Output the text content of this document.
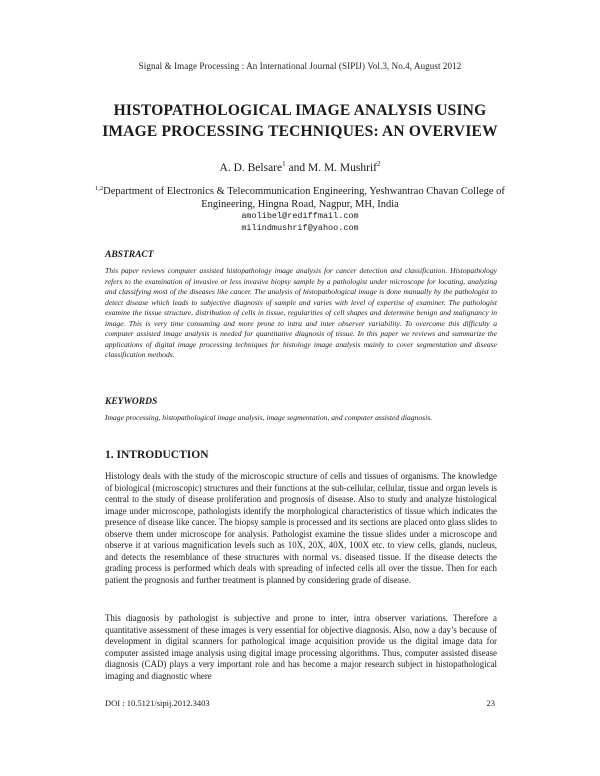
Signal & Image Processing : An International Journal (SIPIJ) Vol.3, No.4, August 2012
HISTOPATHOLOGICAL IMAGE ANALYSIS USING IMAGE PROCESSING TECHNIQUES: AN OVERVIEW
A. D. Belsare$^1$ and M. M. Mushrif$^2$
$^{1,2}$Department of Electronics & Telecommunication Engineering, Yeshwantrao Chavan College of Engineering, Hingna Road, Nagpur, MH, India
amolibel@rediffmail.com
milindmushrif@yahoo.com
ABSTRACT
This paper reviews computer assisted histopathology image analysis for cancer detection and classification. Histopathology refers to the examination of invasive or less invasive biopsy sample by a pathologist under microscope for locating, analyzing and classifying most of the diseases like cancer. The analysis of histopathological image is done manually by the pathologist to detect disease which leads to subjective diagnosis of sample and varies with level of expertise of examiner. The pathologist examine the tissue structure, distribution of cells in tissue, regularities of cell shapes and determine benign and malignancy in image. This is very time consuming and more prone to intra and inter observer variability. To overcome this difficulty a computer assisted image analysis is needed for quantitative diagnosis of tissue. In this paper we reviews and summarize the applications of digital image processing techniques for histology image analysis mainly to cover segmentation and disease classification methods.
KEYWORDS
Image processing, histopathological image analysis, image segmentation, and computer assisted diagnosis.
1. INTRODUCTION
Histology deals with the study of the microscopic structure of cells and tissues of organisms. The knowledge of biological (microscopic) structures and their functions at the sub-cellular, cellular, tissue and organ levels is central to the study of disease proliferation and prognosis of disease. Also to study and analyze histological image under microscope, pathologists identify the morphological characteristics of tissue which indicates the presence of disease like cancer. The biopsy sample is processed and its sections are placed onto glass slides to observe them under microscope for analysis. Pathologist examine the tissue slides under a microscope and observe it at various magnification levels such as 10X, 20X, 40X, 100X etc. to view cells, glands, nucleus, and detects the resemblance of these structures with normal vs. diseased tissue. If the disease detects the grading process is performed which deals with spreading of infected cells all over the tissue. Then for each patient the prognosis and further treatment is planned by considering grade of disease.
This diagnosis by pathologist is subjective and prone to inter, intra observer variations. Therefore a quantitative assessment of these images is very essential for objective diagnosis. Also, now a day’s because of development in digital scanners for pathological image acquisition provide us the digital image data for computer assisted image analysis using digital image processing algorithms. Thus, computer assisted disease diagnosis (CAD) plays a very important role and has become a major research subject in histopathological imaging and diagnostic where
DOI : 10.5121/sipij.2012.3403	23
